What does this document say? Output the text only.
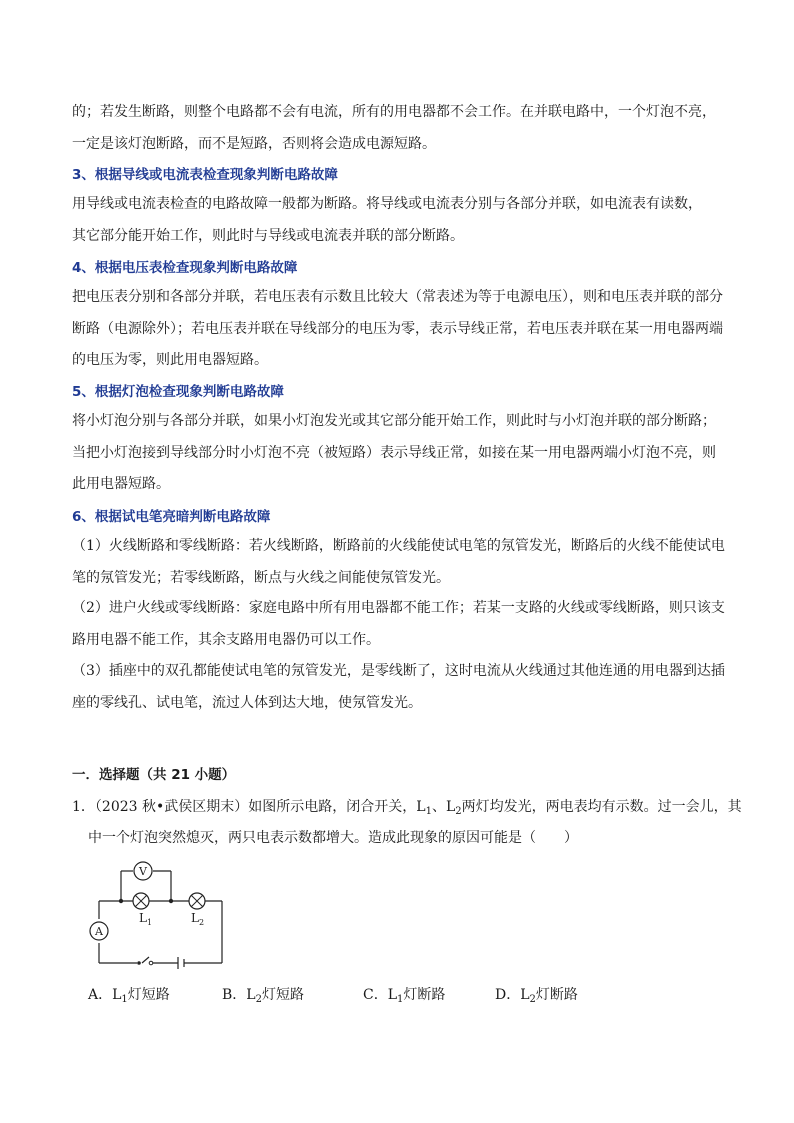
的；若发生断路，则整个电路都不会有电流，所有的用电器都不会工作。在并联电路中，一个灯泡不亮，一定是该灯泡断路，而不是短路，否则将会造成电源短路。

3、根据导线或电流表检查现象判断电路故障

用导线或电流表检查的电路故障一般都为断路。将导线或电流表分别与各部分并联，如电流表有读数，其它部分能开始工作，则此时与导线或电流表并联的部分断路。

4、根据电压表检查现象判断电路故障

把电压表分别和各部分并联，若电压表有示数且比较大（常表述为等于电源电压），则和电压表并联的部分断路（电源除外）；若电压表并联在导线部分的电压为零，表示导线正常，若电压表并联在某一用电器两端的电压为零，则此用电器短路。

5、根据灯泡检查现象判断电路故障

将小灯泡分别与各部分并联，如果小灯泡发光或其它部分能开始工作，则此时与小灯泡并联的部分断路；当把小灯泡接到导线部分时小灯泡不亮（被短路）表示导线正常，如接在某一用电器两端小灯泡不亮，则此用电器短路。

6、根据试电笔亮暗判断电路故障

（1）火线断路和零线断路：若火线断路，断路前的火线能使试电笔的氖管发光，断路后的火线不能使试电笔的氖管发光；若零线断路，断点与火线之间能使氖管发光。

（2）进户火线或零线断路：家庭电路中所有用电器都不能工作；若某一支路的火线或零线断路，则只该支路用电器不能工作，其余支路用电器仍可以工作。

（3）插座中的双孔都能使试电笔的氖管发光，是零线断了，这时电流从火线通过其他连通的用电器到达插座的零线孔、试电笔，流过人体到达大地，使氖管发光。

一．选择题（共 21 小题）

1．（2023 秋•武侯区期末）如图所示电路，闭合开关，$L_1$、$L_2$两灯均发光，两电表均有示数。过一会儿，其

中一个灯泡突然熄灭，两只电表示数都增大。造成此现象的原因可能是（　　）

V
A
$L_1$	$L_2$
A．$L_1$灯短路	B．$L_2$灯短路	C．$L_1$灯断路	D．$L_2$灯断路
